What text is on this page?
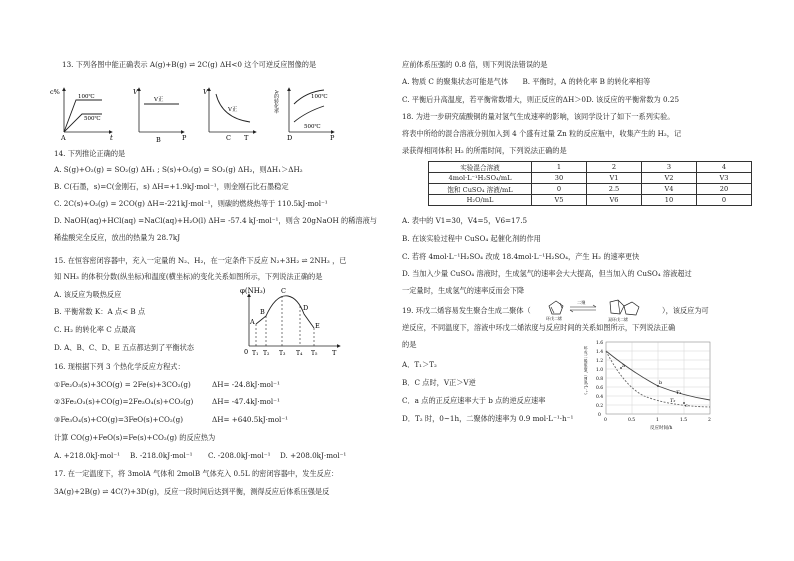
13. 下列各图中能正确表示 A(g)+B(g) ⇌ 2C(g) ΔH<0 这个可逆反应图像的是
c%
100℃
500℃
t
A
V
V正
P
B
V
V正
T
C
A的转化率	100℃
500℃
P
D
14. 下列推论正确的是
A. S(g)+O₂(g) = SO₂(g) ΔH₁ ; S(s)+O₂(g) = SO₂(g) ΔH₂，则ΔH₁＞ΔH₂
B. C(石墨，s)=C(金刚石，s) ΔH=+1.9kJ·mol⁻¹，则金刚石比石墨稳定
C. 2C(s)+O₂(g) = 2CO(g) ΔH=-221kJ·mol⁻¹，则碳的燃烧热等于 110.5kJ·mol⁻¹
D. NaOH(aq)+HCl(aq) =NaCl(aq)+H₂O(l) ΔH= -57.4 kJ·mol⁻¹，则含 20gNaOH 的稀溶液与
稀盐酸完全反应，放出的热量为 28.7kJ
15. 在恒容密闭容器中，充入一定量的 N₂、H₂，在一定条件下反应 N₂+3H₂ ⇌ 2NH₃ ，已
知 NH₃ 的体积分数(纵坐标)和温度(横坐标)的变化关系如图所示，下列说法正确的是
A. 该反应为吸热反应
B. 平衡常数 K：A 点< B 点
C. H₂ 的转化率 C 点最高
D. A、B、C、D、E 五点都达到了平衡状态
φ(NH₃)
A
B
C
D
E
0 T₁ T₂ T₃ T₄ T₅ T
16. 现根据下列 3 个热化学反应方程式：
①Fe₂O₃(s)+3CO(g) = 2Fe(s)+3CO₂(g)	ΔH= -24.8kJ·mol⁻¹
②3Fe₂O₃(s)+CO(g)=2Fe₃O₄(s)+CO₂(g)	ΔH= -47.4kJ·mol⁻¹
③Fe₃O₄(s)+CO(g)=3FeO(s)+CO₂(g)	ΔH= +640.5kJ·mol⁻¹
计算 CO(g)+FeO(s)=Fe(s)+CO₂(g) 的反应热为
A. +218.0kJ·mol⁻¹ B. -218.0kJ·mol⁻¹ C. -208.0kJ·mol⁻¹ D. +208.0kJ·mol⁻¹
17. 在一定温度下，将 3molA 气体和 2molB 气体充入 0.5L 的密闭容器中，发生反应：
3A(g)+2B(g) ⇌ 4C(?)+3D(g)，反应一段时间后达到平衡，测得反应后体系压强是反
应前体系压强的 0.8 倍，则下列说法错误的是
A. 物质 C 的聚集状态可能是气体　　B. 平衡时，A 的转化率 B 的转化率相等
C. 平衡后升高温度，若平衡常数增大，则正反应的ΔH＞0D. 该反应的平衡常数为 0.25
18. 为进一步研究硫酸铜的量对氢气生成速率的影响，该同学设计了如下一系列实验。
将表中所给的混合溶液分别加入到 4 个盛有过量 Zn 粒的反应瓶中，收集产生的 H₂，记
录获得相同体积 H₂ 的所需时间，下列说法正确的是
实验混合溶液	1	2	3	4
4mol·L⁻¹H₂SO₄/mL	30	V1	V2	V3
饱和 CuSO₄ 溶液/mL	0	2.5	V4	20
H₂O/mL	V5	V6	10	0
A. 表中的 V1=30，V4=5，V6=17.5
B. 在该实验过程中 CuSO₄ 起催化剂的作用
C. 若将 4mol·L⁻¹H₂SO₄ 改成 18.4mol·L⁻¹H₂SO₄，产生 H₂ 的速率更快
D. 当加入少量 CuSO₄ 溶液时，生成氢气的速率会大大提高，但当加入的 CuSO₄ 溶液超过
一定量时，生成氢气的速率反而会下降
19. 环戊二烯容易发生聚合生成二聚体（
环戊二烯
二聚
双环戊二烯
），该反应为可
逆反应，不同温度下，溶液中环戊二烯浓度与反应时间的关系如图所示，下列说法正确
的是
A．T₁＞T₂
B．C 点时，V正＞V逆
C．a 点的正反应速率大于 b 点的逆反应速率
D．T₂ 时，0~1h，二聚体的速率为 0.9 mol·L⁻¹·h⁻¹
环戊二烯浓度/（mol·L⁻¹）
0
0.2
0.4
0.6
0.8
1.0
1.2
1.4
1.6
0	0.5	1	1.5	2
反应时间/h
a
b
c
T₁
T₂
